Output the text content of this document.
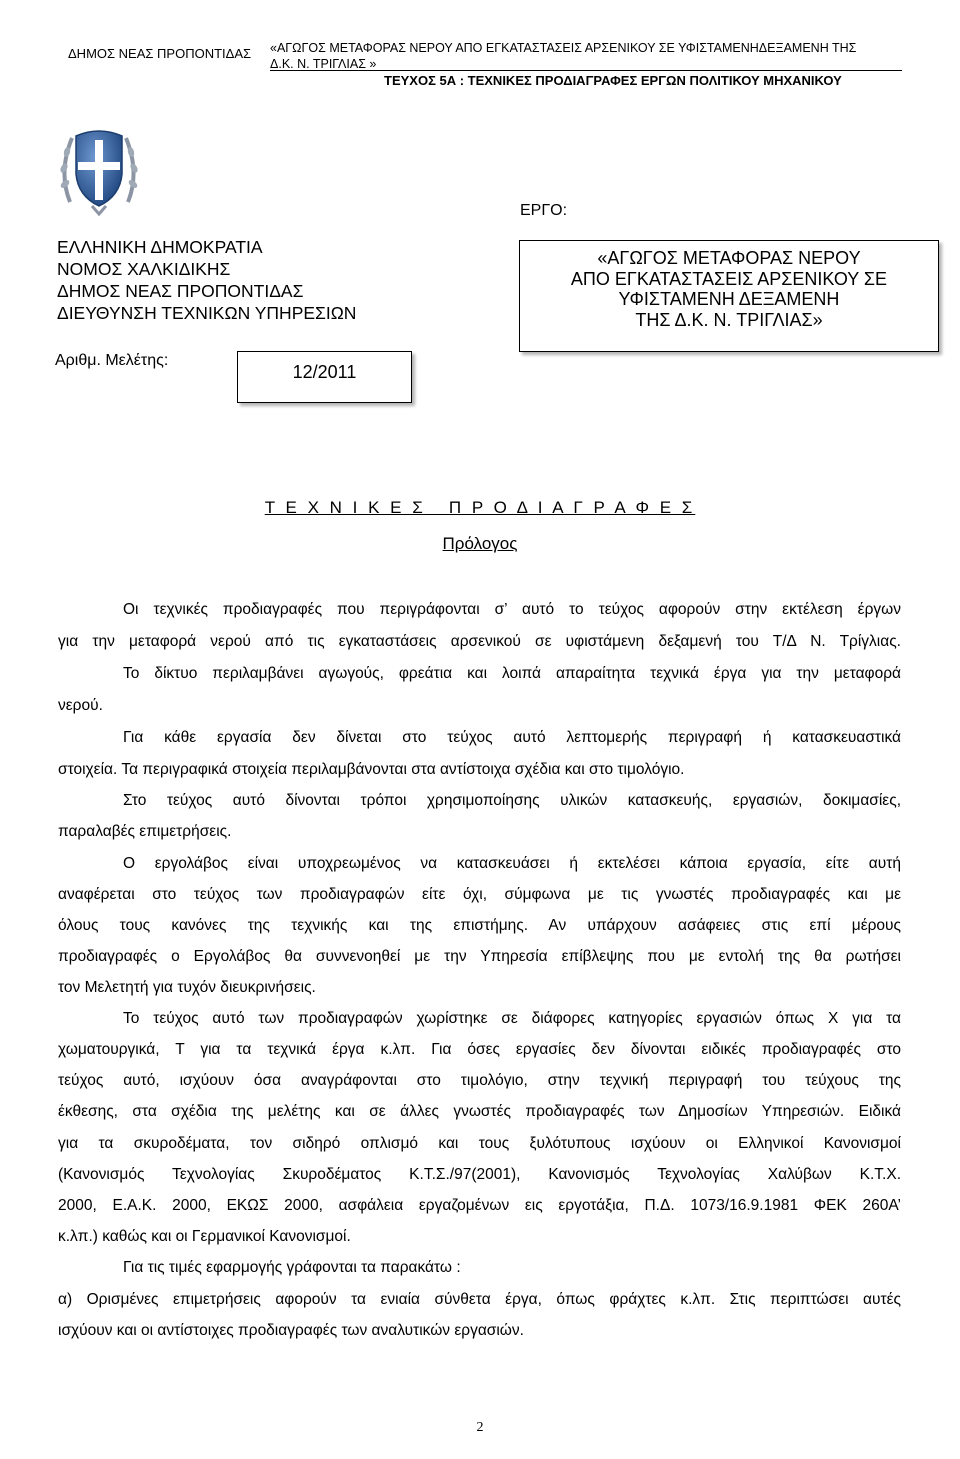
ΔΗΜΟΣ ΝΕΑΣ ΠΡΟΠΟΝΤΙΔΑΣ «ΑΓΩΓΟΣ ΜΕΤΑΦΟΡΑΣ ΝΕΡΟΥ ΑΠΟ ΕΓΚΑΤΑΣΤΑΣΕΙΣ ΑΡΣΕΝΙΚΟΥ ΣΕ ΥΦΙΣΤΑΜΕΝΗΔΕΞΑΜΕΝΗ ΤΗΣ
Δ.Κ. Ν. ΤΡΙΓΛΙΑΣ »
ΤΕΥΧΟΣ 5Α : ΤΕΧΝΙΚΕΣ ΠΡΟΔΙΑΓΡΑΦΕΣ ΕΡΓΩΝ ΠΟΛΙΤΙΚΟΥ ΜΗΧΑΝΙΚΟΥ
ΕΛΛΗΝΙΚΗ ΔΗΜΟΚΡΑΤΙΑ
ΝΟΜΟΣ ΧΑΛΚΙΔΙΚΗΣ
ΔΗΜΟΣ ΝΕΑΣ ΠΡΟΠΟΝΤΙΔΑΣ
ΔΙΕΥΘΥΝΣΗ ΤΕΧΝΙΚΩΝ ΥΠΗΡΕΣΙΩΝ
Αριθμ. Μελέτης:
12/2011
ΕΡΓΟ:
«ΑΓΩΓΟΣ ΜΕΤΑΦΟΡΑΣ ΝΕΡΟΥ
ΑΠΟ ΕΓΚΑΤΑΣΤΑΣΕΙΣ ΑΡΣΕΝΙΚΟΥ ΣΕ
ΥΦΙΣΤΑΜΕΝΗ ΔΕΞΑΜΕΝΗ
ΤΗΣ Δ.Κ. Ν. ΤΡΙΓΛΙΑΣ»
Τ Ε Χ Ν Ι Κ Ε Σ   Π Ρ Ο Δ Ι Α Γ Ρ Α Φ Ε Σ
Πρόλογος
Οι τεχνικές προδιαγραφές που περιγράφονται σ’ αυτό το τεύχος αφορούν στην εκτέλεση έργων
για την μεταφορά νερού από τις εγκαταστάσεις αρσενικού σε υφιστάμενη δεξαμενή του Τ/Δ Ν. Τρίγλιας.
Το δίκτυο περιλαμβάνει αγωγούς, φρεάτια και λοιπά απαραίτητα τεχνικά έργα για την μεταφορά
νερού.
Για κάθε εργασία δεν δίνεται στο τεύχος αυτό λεπτομερής περιγραφή ή κατασκευαστικά
στοιχεία. Τα περιγραφικά στοιχεία περιλαμβάνονται στα αντίστοιχα σχέδια και στο τιμολόγιο.
Στο τεύχος αυτό δίνονται τρόποι χρησιμοποίησης υλικών κατασκευής, εργασιών, δοκιμασίες,
παραλαβές επιμετρήσεις.
Ο εργολάβος είναι υποχρεωμένος να κατασκευάσει ή εκτελέσει κάποια εργασία, είτε αυτή
αναφέρεται στο τεύχος των προδιαγραφών είτε όχι, σύμφωνα με τις γνωστές προδιαγραφές και με
όλους τους κανόνες της τεχνικής και της επιστήμης. Αν υπάρχουν ασάφειες στις επί μέρους
προδιαγραφές ο Εργολάβος θα συννενοηθεί με την Υπηρεσία επίβλεψης που με εντολή της θα ρωτήσει
τον Μελετητή για τυχόν διευκρινήσεις.
Το τεύχος αυτό των προδιαγραφών χωρίστηκε σε διάφορες κατηγορίες εργασιών όπως Χ για τα
χωματουργικά, Τ για τα τεχνικά έργα κ.λπ. Για όσες εργασίες δεν δίνονται ειδικές προδιαγραφές στο
τεύχος αυτό, ισχύουν όσα αναγράφονται στο τιμολόγιο, στην τεχνική περιγραφή του τεύχους της
έκθεσης, στα σχέδια της μελέτης και σε άλλες γνωστές προδιαγραφές των Δημοσίων Υπηρεσιών. Ειδικά
για τα σκυροδέματα, τον σιδηρό οπλισμό και τους ξυλότυπους ισχύουν οι Ελληνικοί Κανονισμοί
(Κανονισμός Τεχνολογίας Σκυροδέματος Κ.Τ.Σ./97(2001), Κανονισμός Τεχνολογίας Χαλύβων Κ.Τ.Χ.
2000, Ε.Α.Κ. 2000, ΕΚΩΣ 2000, ασφάλεια εργαζομένων εις εργοτάξια, Π.Δ. 1073/16.9.1981 ΦΕΚ 260Α’
κ.λπ.) καθώς και οι Γερμανικοί Κανονισμοί.
Για τις τιμές εφαρμογής γράφονται τα παρακάτω :
α) Ορισμένες επιμετρήσεις αφορούν τα ενιαία σύνθετα έργα, όπως φράχτες κ.λπ. Στις περιπτώσει αυτές
ισχύουν και οι αντίστοιχες προδιαγραφές των αναλυτικών εργασιών.
2
